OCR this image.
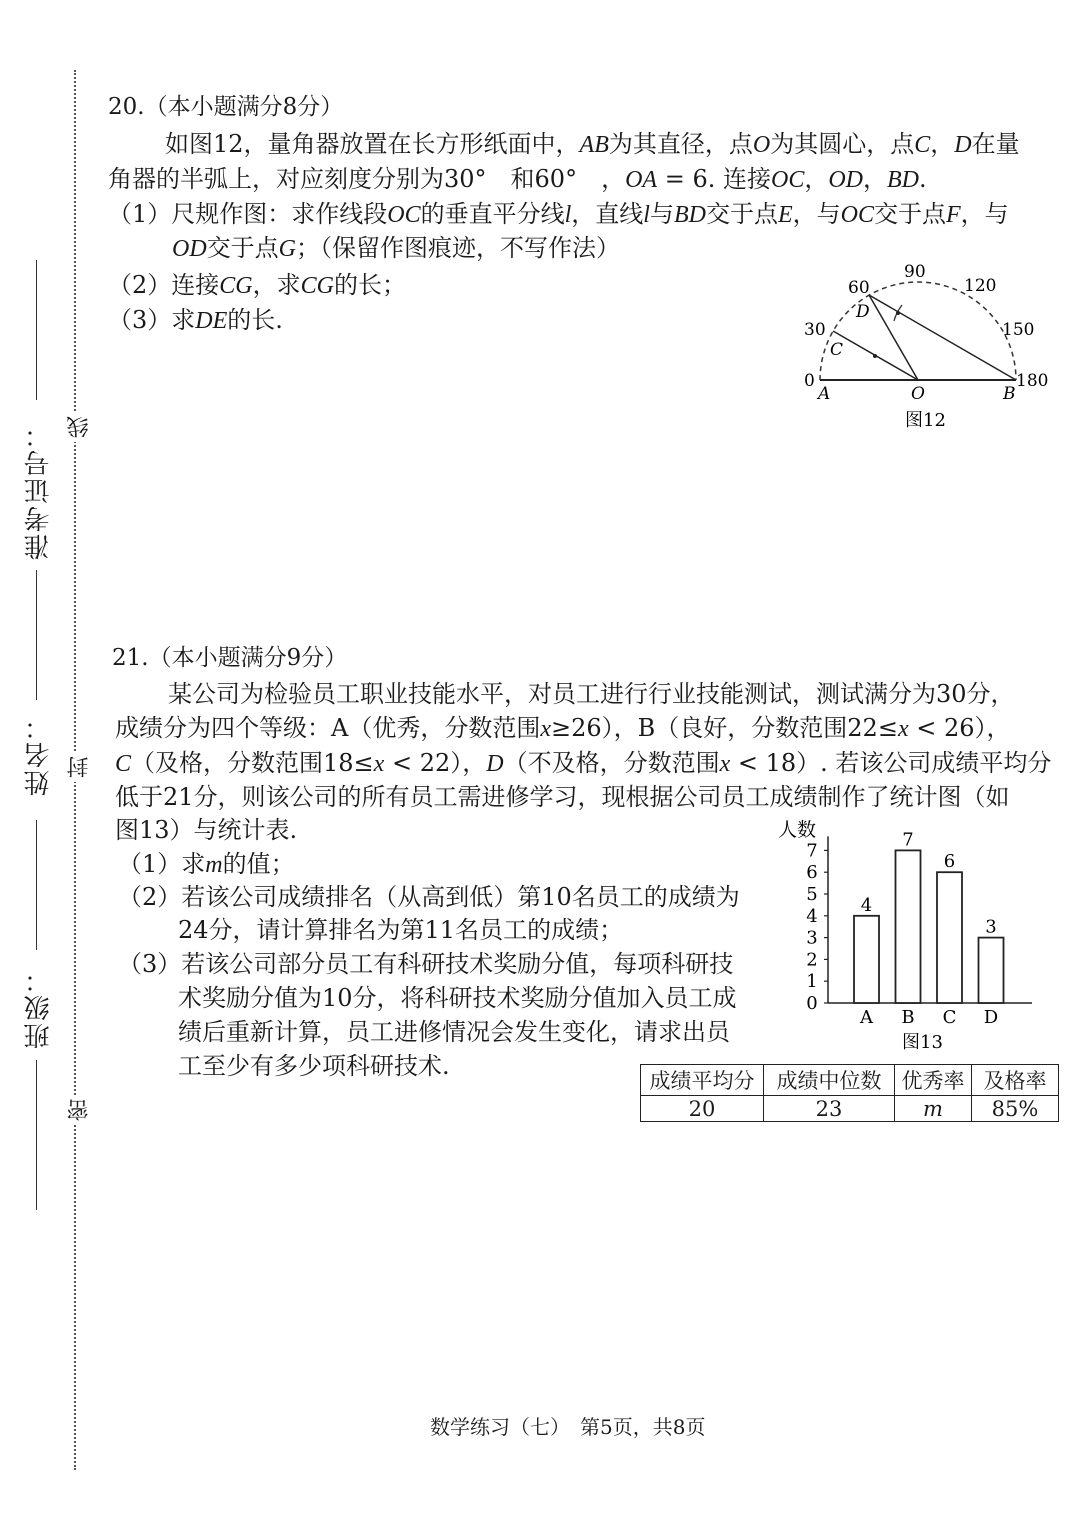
准考证号：
姓名：
班级：
线
封
密
20.（本小题满分8分）
如图12，量角器放置在长方形纸面中，AB为其直径，点O为其圆心，点C，D在量
角器的半弧上，对应刻度分别为30°　和60°　，OA = 6. 连接OC，OD，BD.
（1）尺规作图：求作线段OC的垂直平分线l，直线l与BD交于点E，与OC交于点F，与
OD交于点G；（保留作图痕迹，不写作法）
（2）连接CG，求CG的长；
（3）求DE的长.	30
60
90
120
150
180
0
A	O	B
C
D
图12
21.（本小题满分9分）
某公司为检验员工职业技能水平，对员工进行行业技能测试，测试满分为30分，
成绩分为四个等级：A（优秀，分数范围x≥26），B（良好，分数范围22≤x < 26），
C（及格，分数范围18≤x < 22），D（不及格，分数范围x < 18）. 若该公司成绩平均分
低于21分，则该公司的所有员工需进修学习，现根据公司员工成绩制作了统计图（如
图13）与统计表.
（1）求m的值；
（2）若该公司成绩排名（从高到低）第10名员工的成绩为
24分，请计算排名为第11名员工的成绩；
（3）若该公司部分员工有科研技术奖励分值，每项科研技
术奖励分值为10分，将科研技术奖励分值加入员工成
绩后重新计算，员工进修情况会发生变化，请求出员
工至少有多少项科研技术.
人数
0
1
2
3
4
5
6
7
4
A
7
B
6
C
3
D
图13
成绩平均分	成绩中位数	优秀率	及格率
20	23	m	85%
数学练习（七）　第5页，共8页
